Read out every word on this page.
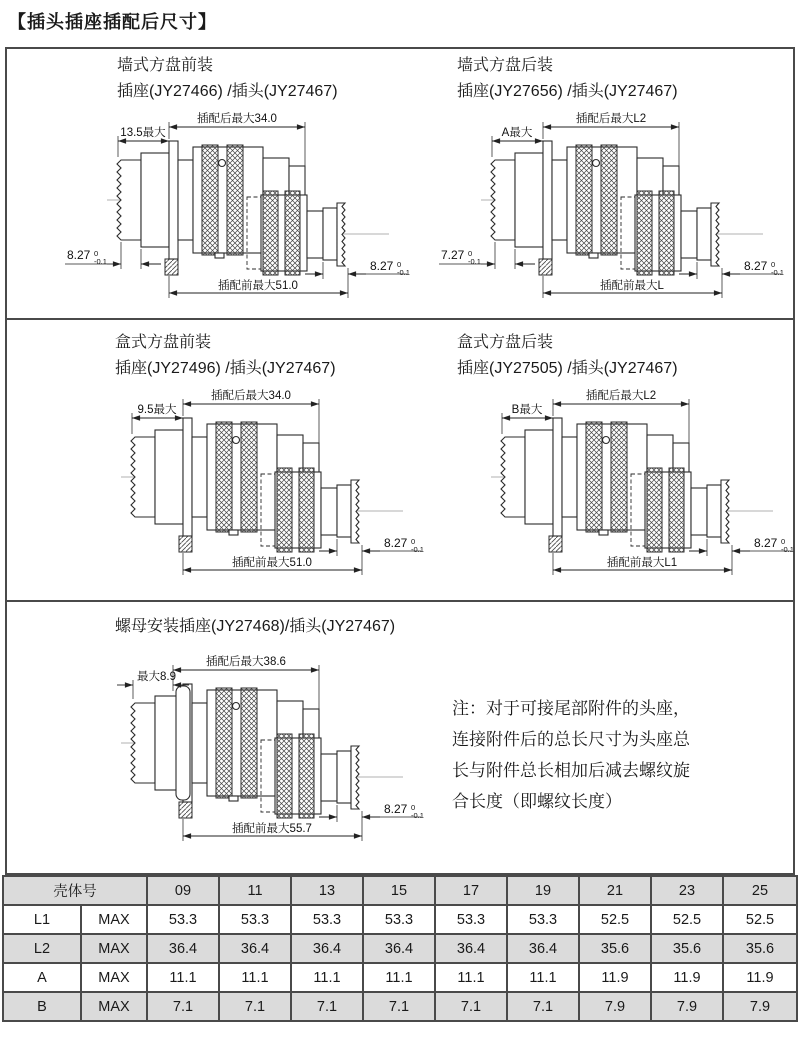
【插头插座插配后尺寸】
墙式方盘前装
插座(JY27466) /插头(JY27467)
插配后最大34.0
13.5最大
8.27 0
-0.1	8.27 0
-0.1
插配前最大51.0
墙式方盘后装
插座(JY27656) /插头(JY27467)
插配后最大L2
A最大
7.27 0
-0.1	8.27 0
-0.1
插配前最大L
盒式方盘前装
插座(JY27496) /插头(JY27467)
插配后最大34.0
9.5最大
8.27 0
-0.1
插配前最大51.0
盒式方盘后装
插座(JY27505) /插头(JY27467)
插配后最大L2
B最大
8.27 0
-0.1
插配前最大L1
螺母安装插座(JY27468)/插头(JY27467)
插配后最大38.6
最大8.9
8.27 0
-0.1
插配前最大55.7
注：对于可接尾部附件的头座，
连接附件后的总长尺寸为头座总
长与附件总长相加后减去螺纹旋
合长度（即螺纹长度）
壳体号		09	11	13	15	17	19	21	23	25
L1	MAX	53.3	53.3	53.3	53.3	53.3	53.3	52.5	52.5	52.5
L2	MAX	36.4	36.4	36.4	36.4	36.4	36.4	35.6	35.6	35.6
A	MAX	11.1	11.1	11.1	11.1	11.1	11.1	11.9	11.9	11.9
B	MAX	7.1	7.1	7.1	7.1	7.1	7.1	7.9	7.9	7.9
